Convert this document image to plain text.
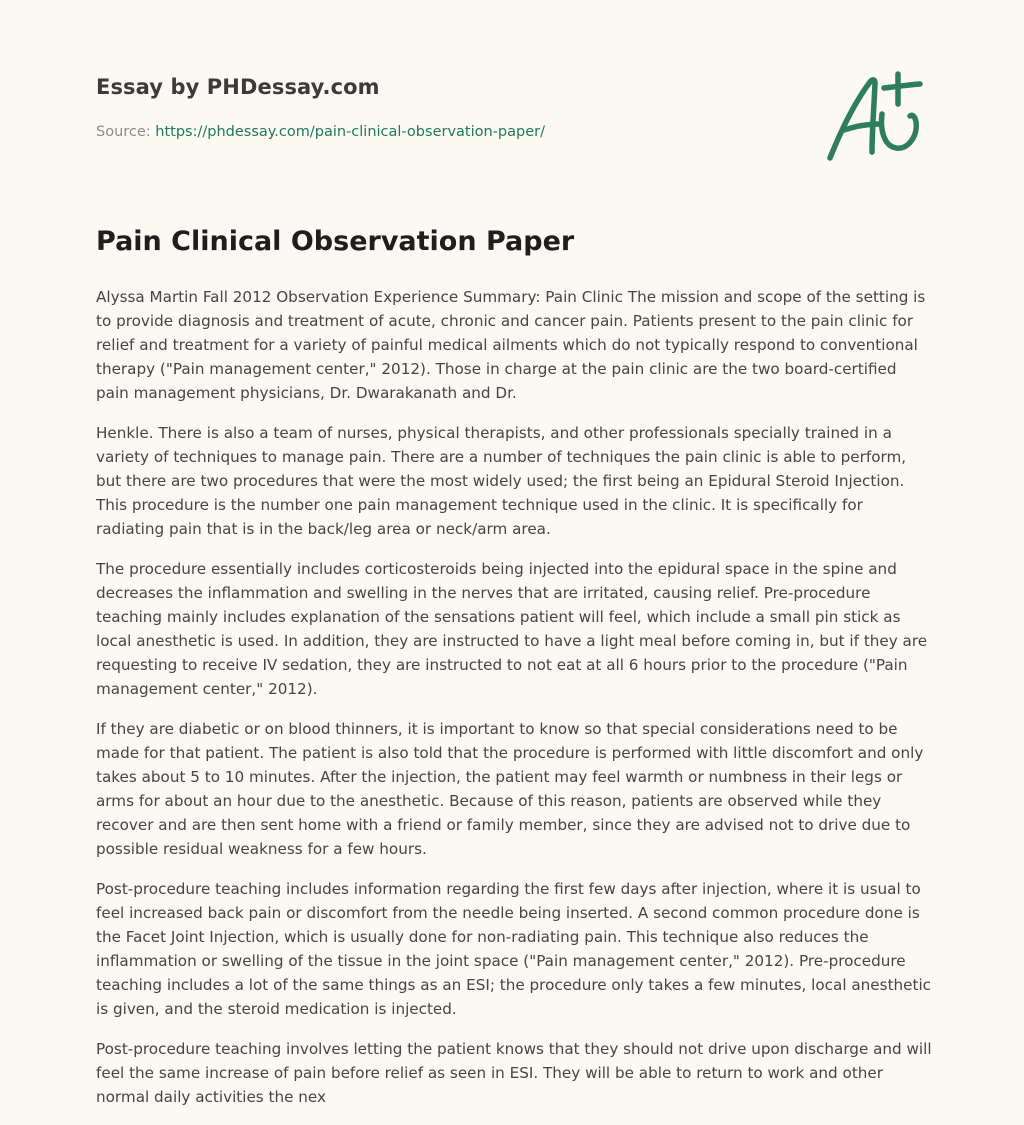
Essay by PHDessay.com
Source: https://phdessay.com/pain-clinical-observation-paper/
Pain Clinical Observation Paper

Alyssa Martin Fall 2012 Observation Experience Summary: Pain Clinic The mission and scope of the setting is to provide diagnosis and treatment of acute, chronic and cancer pain. Patients present to the pain clinic for relief and treatment for a variety of painful medical ailments which do not typically respond to conventional therapy ("Pain management center," 2012). Those in charge at the pain clinic are the two board-certified pain management physicians, Dr. Dwarakanath and Dr.

Henkle. There is also a team of nurses, physical therapists, and other professionals specially trained in a variety of techniques to manage pain. There are a number of techniques the pain clinic is able to perform, but there are two procedures that were the most widely used; the first being an Epidural Steroid Injection. This procedure is the number one pain management technique used in the clinic. It is specifically for radiating pain that is in the back/leg area or neck/arm area.

The procedure essentially includes corticosteroids being injected into the epidural space in the spine and decreases the inflammation and swelling in the nerves that are irritated, causing relief. Pre-procedure teaching mainly includes explanation of the sensations patient will feel, which include a small pin stick as local anesthetic is used. In addition, they are instructed to have a light meal before coming in, but if they are requesting to receive IV sedation, they are instructed to not eat at all 6 hours prior to the procedure ("Pain management center," 2012).

If they are diabetic or on blood thinners, it is important to know so that special considerations need to be made for that patient. The patient is also told that the procedure is performed with little discomfort and only takes about 5 to 10 minutes. After the injection, the patient may feel warmth or numbness in their legs or arms for about an hour due to the anesthetic. Because of this reason, patients are observed while they recover and are then sent home with a friend or family member, since they are advised not to drive due to possible residual weakness for a few hours.

Post-procedure teaching includes information regarding the first few days after injection, where it is usual to feel increased back pain or discomfort from the needle being inserted. A second common procedure done is the Facet Joint Injection, which is usually done for non-radiating pain. This technique also reduces the inflammation or swelling of the tissue in the joint space ("Pain management center," 2012). Pre-procedure teaching includes a lot of the same things as an ESI; the procedure only takes a few minutes, local anesthetic is given, and the steroid medication is injected.

Post-procedure teaching involves letting the patient knows that they should not drive upon discharge and will feel the same increase of pain before relief as seen in ESI. They will be able to return to work and other normal daily activities the nex
